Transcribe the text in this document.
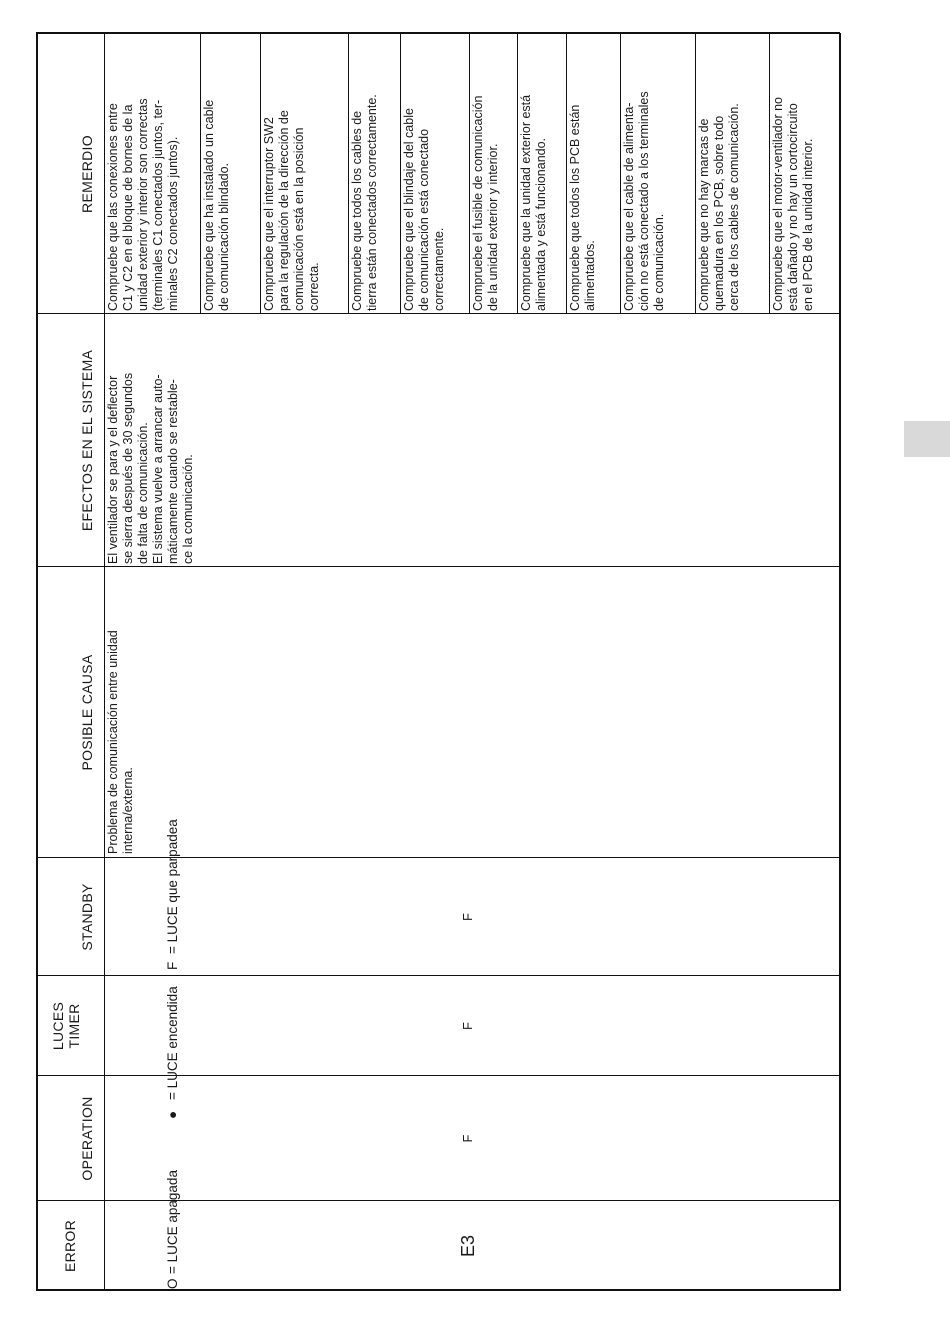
ERROR
OPERATION
LUCES TIMER
STANDBY
POSIBLE CAUSA
EFECTOS EN EL SISTEMA
REMERDIO
E3
F
F
F
Problema de comunicación entre unidad
interna/externa.
El ventilador se para y el deflector
se sierra después de 30 segundos
de falta de comunicación.
El sistema vuelve a arrancar auto-
máticamente cuando se restable-
ce la comunicación.
Compruebe que las conexiones entre
C1 y C2 en el bloque de bornes de la
unidad exterior y interior son correctas
(terminales C1 conectados juntos, ter-
minales C2 conectados juntos).
Compruebe que ha instalado un cable
de comunicación blindado.
Compruebe que el interruptor SW2
para la regulación de la dirección de
comunicación está en la posición
correcta. Compruebe que todos los cables de
tierra están conectados correctamente.
Compruebe que el blindaje del cable
de comunicación está conectado
correctamente. Compruebe el fusible de comunicación
de la unidad exterior y interior.
Compruebe que la unidad exterior está
alimentada y está funcionando.
Compruebe que todos los PCB están
alimentados. Compruebe que el cable de alimenta-
ción no está conectado a los terminales
de comunicación. Compruebe que no hay marcas de
quemadura en los PCB, sobre todo
cerca de los cables de comunicación.
Compruebe que el motor-ventilador no
está dañado y no hay un cortocircuito
en el PCB de la unidad interior.
O
= LUCE apagada
●
= LUCE encendida
F
= LUCE que parpadea
